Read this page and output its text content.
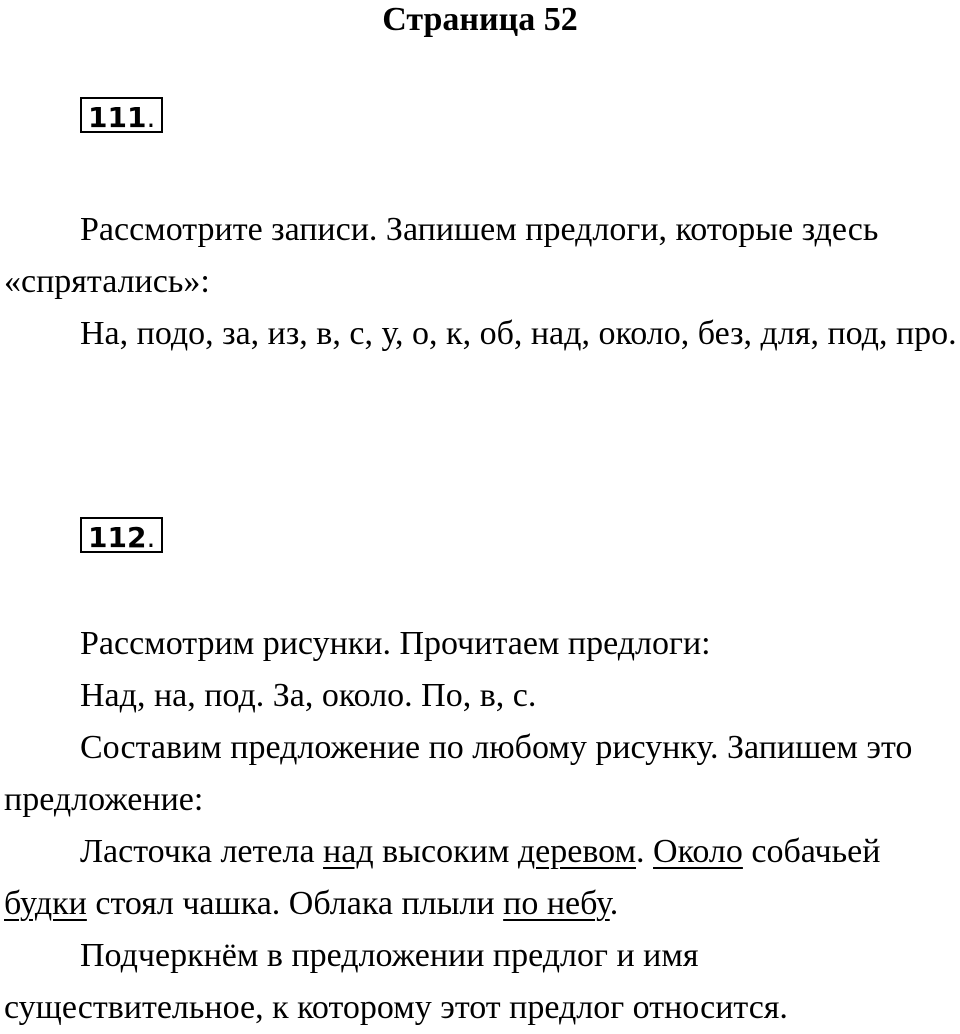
Страница 52
111.

Рассмотрите записи. Запишем предлоги, которые здесь «спрятались»:

На, подо, за, из, в, с, у, о, к, об, над, около, без, для, под, про.

112.

Рассмотрим рисунки. Прочитаем предлоги:

Над, на, под. За, около. По, в, с.

Составим предложение по любому рисунку. Запишем это предложение:

Ласточка летела над высоким деревом. Около собачьей будки стоял чашка. Облака плыли по небу.

Подчеркнём в предложении предлог и имя существительное, к которому этот предлог относится.
